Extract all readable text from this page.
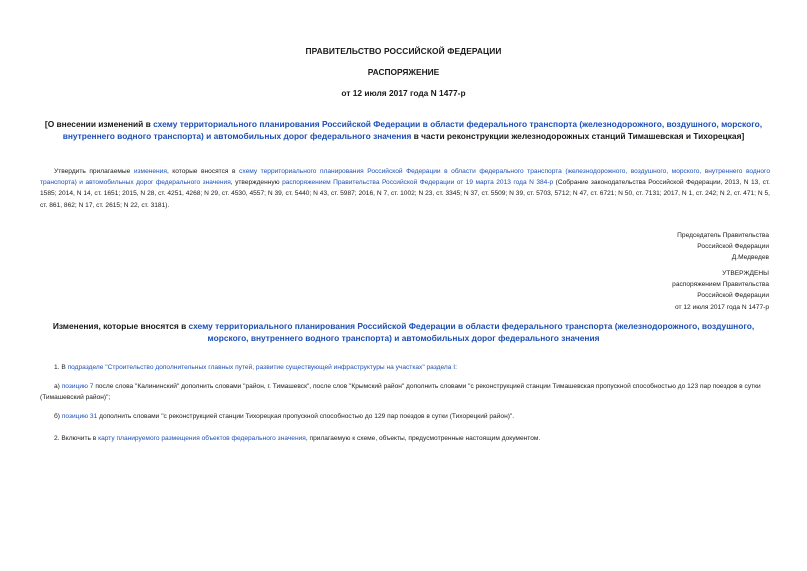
ПРАВИТЕЛЬСТВО РОССИЙСКОЙ ФЕДЕРАЦИИ
РАСПОРЯЖЕНИЕ
от 12 июля 2017 года N 1477-р
[О внесении изменений в схему территориального планирования Российской Федерации в области федерального транспорта (железнодорожного, воздушного, морского, внутреннего водного транспорта) и автомобильных дорог федерального значения в части реконструкции железнодорожных станций Тимашевская и Тихорецкая]
Утвердить прилагаемые изменения, которые вносятся в схему территориального планирования Российской Федерации в области федерального транспорта (железнодорожного, воздушного, морского, внутреннего водного транспорта) и автомобильных дорог федерального значения, утвержденную распоряжением Правительства Российской Федерации от 19 марта 2013 года N 384-р (Собрание законодательства Российской Федерации, 2013, N 13, ст. 1585; 2014, N 14, ст. 1651; 2015, N 28, ст. 4251, 4268; N 29, ст. 4530, 4557; N 39, ст. 5440; N 43, ст. 5987; 2016, N 7, ст. 1002; N 23, ст. 3345; N 37, ст. 5509; N 39, ст. 5703, 5712; N 47, ст. 6721; N 50, ст. 7131; 2017, N 1, ст. 242; N 2, ст. 471; N 5, ст. 861, 862; N 17, ст. 2615; N 22, ст. 3181).
Председатель Правительства
Российской Федерации
Д.Медведев
УТВЕРЖДЕНЫ
распоряжением Правительства
Российской Федерации
от 12 июля 2017 года N 1477-р
Изменения, которые вносятся в схему территориального планирования Российской Федерации в области федерального транспорта (железнодорожного, воздушного, морского, внутреннего водного транспорта) и автомобильных дорог федерального значения
1. В подразделе "Строительство дополнительных главных путей, развитие существующей инфраструктуры на участках" раздела I:
а) позицию 7 после слова "Калининский" дополнить словами "район, г. Тимашевск", после слов "Крымский район" дополнить словами "с реконструкцией станции Тимашевская пропускной способностью до 123 пар поездов в сутки (Тимашевский район)";
б) позицию 31 дополнить словами "с реконструкцией станции Тихорецкая пропускной способностью до 129 пар поездов в сутки (Тихорецкий район)".
2. Включить в карту планируемого размещения объектов федерального значения, прилагаемую к схеме, объекты, предусмотренные настоящим документом.
